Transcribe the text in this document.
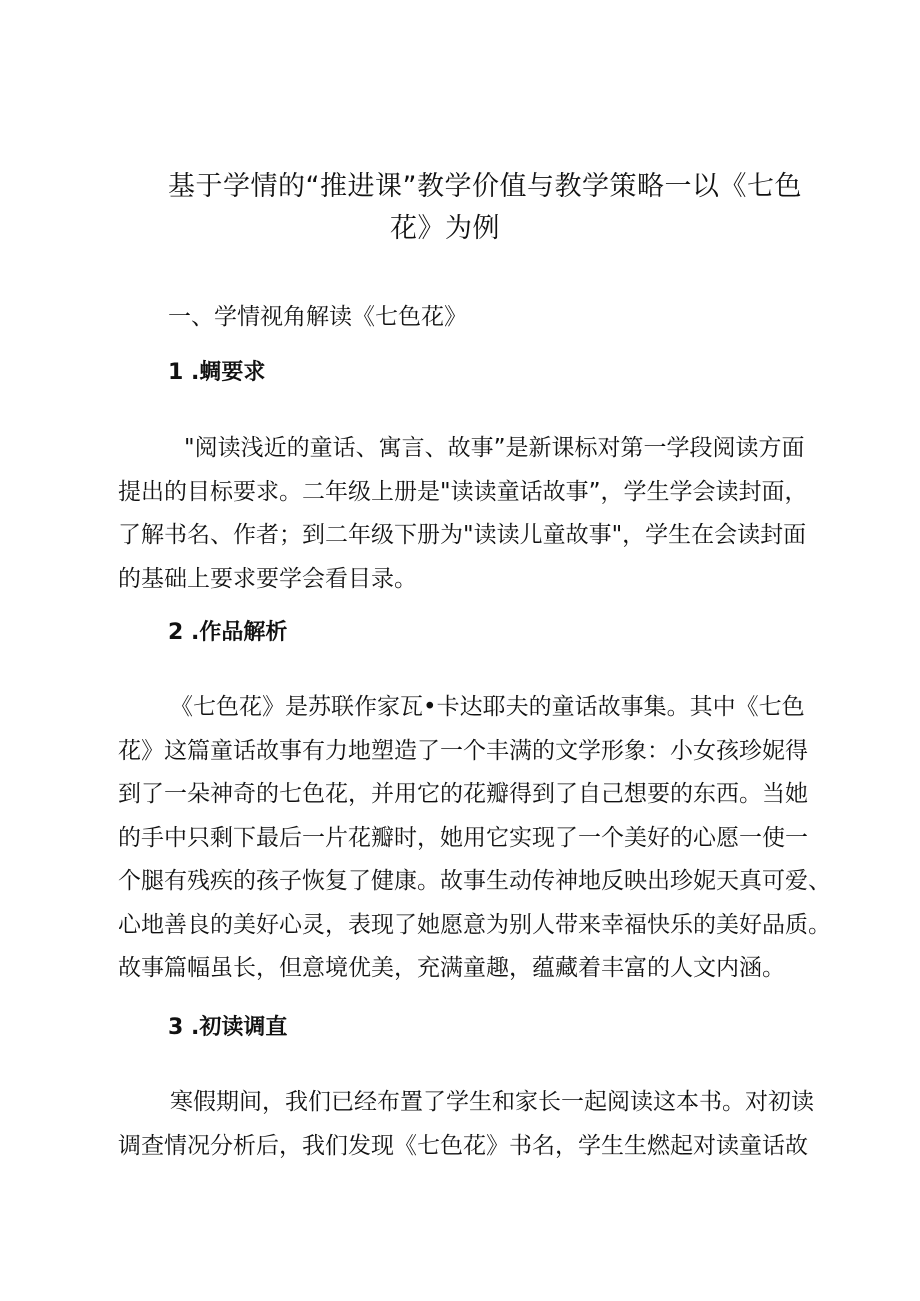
基于学情的“推进课”教学价值与教学策略一以《七色
花》为例
一、学情视角解读《七色花》
1 .蜩要求
"阅读浅近的童话、寓言、故事”是新课标对第一学段阅读方面
提出的目标要求。二年级上册是"读读童话故事”，学生学会读封面，
了解书名、作者；到二年级下册为"读读儿童故事"，学生在会读封面
的基础上要求要学会看目录。
2 .作品解析
《七色花》是苏联作家瓦•卡达耶夫的童话故事集。其中《七色
花》这篇童话故事有力地塑造了一个丰满的文学形象：小女孩珍妮得
到了一朵神奇的七色花，并用它的花瓣得到了自己想要的东西。当她
的手中只剩下最后一片花瓣时，她用它实现了一个美好的心愿一使一
个腿有残疾的孩子恢复了健康。故事生动传神地反映出珍妮天真可爱、
心地善良的美好心灵，表现了她愿意为别人带来幸福快乐的美好品质。
故事篇幅虽长，但意境优美，充满童趣，蕴藏着丰富的人文内涵。
3 .初读调直
寒假期间，我们已经布置了学生和家长一起阅读这本书。对初读
调查情况分析后，我们发现《七色花》书名，学生生燃起对读童话故
